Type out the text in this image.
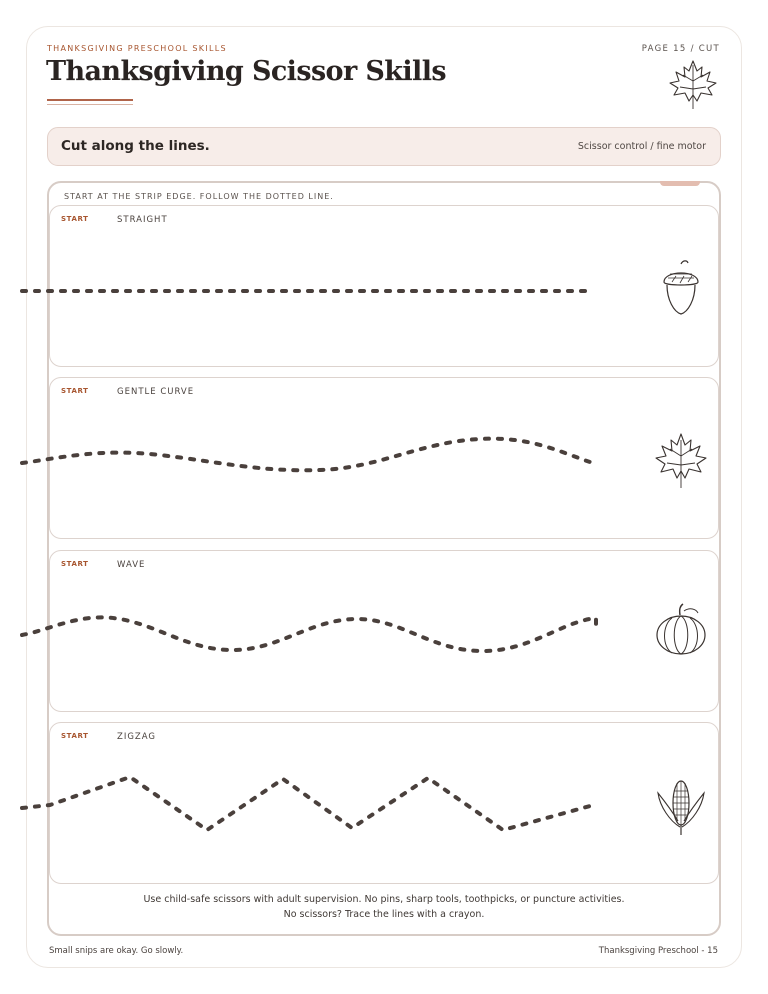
THANKSGIVING PRESCHOOL SKILLS	PAGE 15 / CUT
Thanksgiving Scissor Skills
Cut along the lines.	Scissor control / fine motor
START AT THE STRIP EDGE. FOLLOW THE DOTTED LINE.
START	STRAIGHT
START	GENTLE CURVE
START	WAVE
START	ZIGZAG
Use child-safe scissors with adult supervision. No pins, sharp tools, toothpicks, or puncture activities.
No scissors? Trace the lines with a crayon.
Small snips are okay. Go slowly.	Thanksgiving Preschool - 15
